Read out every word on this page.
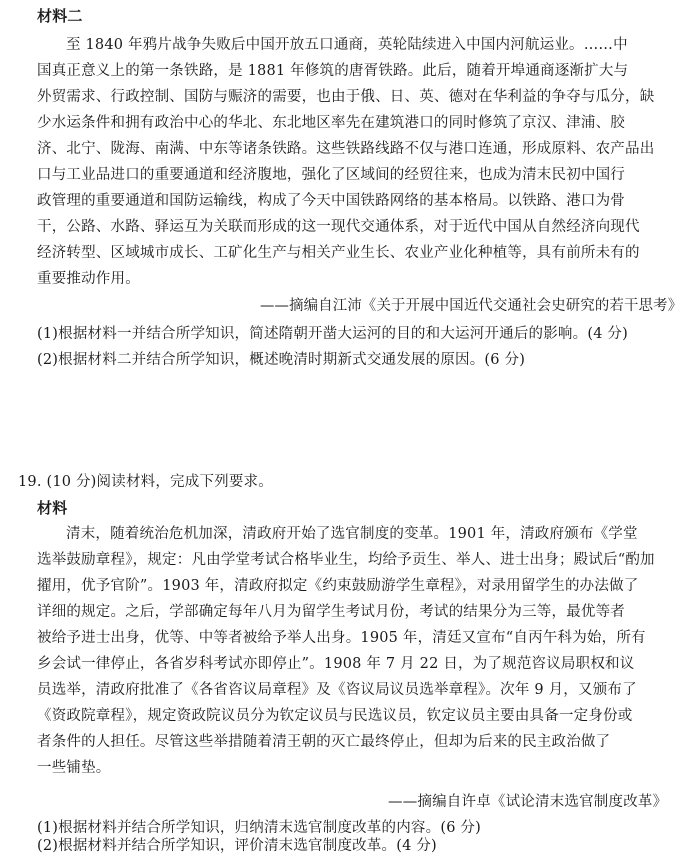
材料二
至 1840 年鸦片战争失败后中国开放五口通商，英轮陆续进入中国内河航运业。……中
国真正意义上的第一条铁路，是 1881 年修筑的唐胥铁路。此后，随着开埠通商逐渐扩大与
外贸需求、行政控制、国防与赈济的需要，也由于俄、日、英、德对在华利益的争夺与瓜分，缺
少水运条件和拥有政治中心的华北、东北地区率先在建筑港口的同时修筑了京汉、津浦、胶
济、北宁、陇海、南满、中东等诸条铁路。这些铁路线路不仅与港口连通，形成原料、农产品出
口与工业品进口的重要通道和经济腹地，强化了区域间的经贸往来，也成为清末民初中国行
政管理的重要通道和国防运输线，构成了今天中国铁路网络的基本格局。以铁路、港口为骨
干，公路、水路、驿运互为关联而形成的这一现代交通体系，对于近代中国从自然经济向现代
经济转型、区域城市成长、工矿化生产与相关产业生长、农业产业化种植等，具有前所未有的
重要推动作用。
——摘编自江沛《关于开展中国近代交通社会史研究的若干思考》
(1)根据材料一并结合所学知识，简述隋朝开凿大运河的目的和大运河开通后的影响。(4 分)
(2)根据材料二并结合所学知识，概述晚清时期新式交通发展的原因。(6 分)
19. (10 分)阅读材料，完成下列要求。
材料
清末，随着统治危机加深，清政府开始了选官制度的变革。1901 年，清政府颁布《学堂
选举鼓励章程》，规定：凡由学堂考试合格毕业生，均给予贡生、举人、进士出身；殿试后“酌加
擢用，优予官阶”。1903 年，清政府拟定《约束鼓励游学生章程》，对录用留学生的办法做了
详细的规定。之后，学部确定每年八月为留学生考试月份，考试的结果分为三等，最优等者
被给予进士出身，优等、中等者被给予举人出身。1905 年，清廷又宣布“自丙午科为始，所有
乡会试一律停止，各省岁科考试亦即停止”。1908 年 7 月 22 日，为了规范咨议局职权和议
员选举，清政府批准了《各省咨议局章程》及《咨议局议员选举章程》。次年 9 月，又颁布了
《资政院章程》，规定资政院议员分为钦定议员与民选议员，钦定议员主要由具备一定身份或
者条件的人担任。尽管这些举措随着清王朝的灭亡最终停止，但却为后来的民主政治做了
一些铺垫。
——摘编自许卓《试论清末选官制度改革》
(1)根据材料并结合所学知识，归纳清末选官制度改革的内容。(6 分)
(2)根据材料并结合所学知识，评价清末选官制度改革。(4 分)
